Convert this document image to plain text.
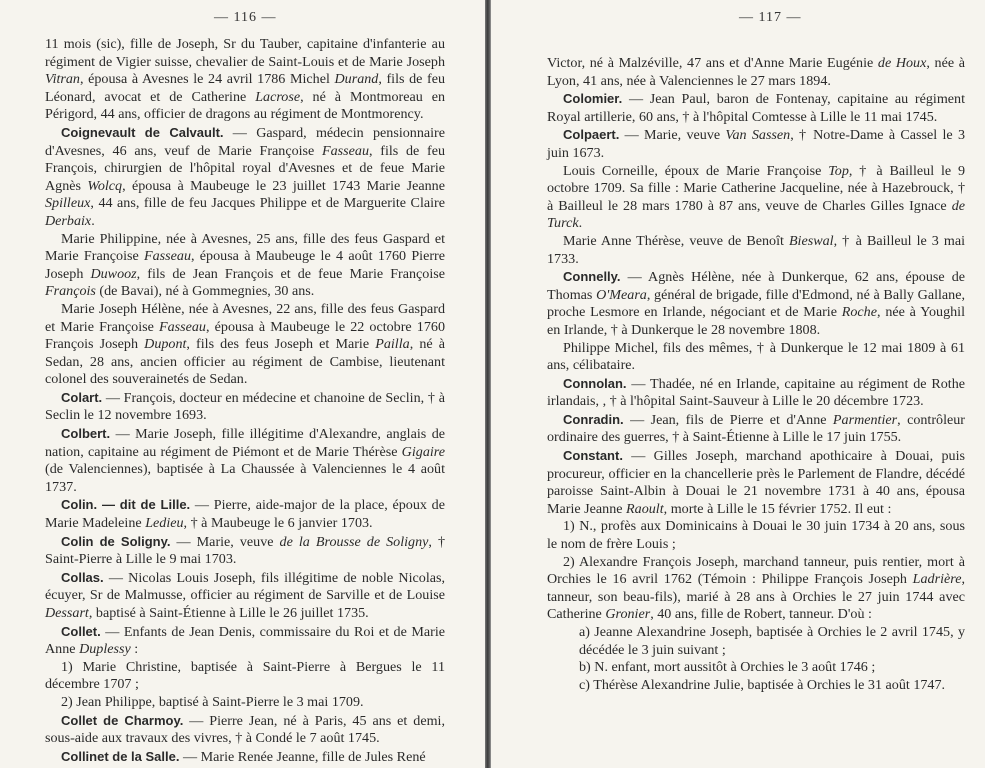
— 116 —

11 mois (sic), fille de Joseph, Sr du Tauber, capitaine d'infanterie au régiment de Vigier suisse, chevalier de Saint-Louis et de Marie Joseph Vitran, épousa à Avesnes le 24 avril 1786 Michel Durand, fils de feu Léonard, avocat et de Catherine Lacrose, né à Montmoreau en Périgord, 44 ans, officier de dragons au régiment de Montmorency.

Coignevault de Calvault. — Gaspard, médecin pensionnaire d'Avesnes, 46 ans, veuf de Marie Françoise Fasseau, fils de feu François, chirurgien de l'hôpital royal d'Avesnes et de feue Marie Agnès Wolcq, épousa à Maubeuge le 23 juillet 1743 Marie Jeanne Spilleux, 44 ans, fille de feu Jacques Philippe et de Marguerite Claire Derbaix.

Marie Philippine, née à Avesnes, 25 ans, fille des feus Gaspard et Marie Françoise Fasseau, épousa à Maubeuge le 4 août 1760 Pierre Joseph Duwooz, fils de Jean François et de feue Marie Françoise François (de Bavai), né à Gommegnies, 30 ans.

Marie Joseph Hélène, née à Avesnes, 22 ans, fille des feus Gaspard et Marie Françoise Fasseau, épousa à Maubeuge le 22 octobre 1760 François Joseph Dupont, fils des feus Joseph et Marie Pailla, né à Sedan, 28 ans, ancien officier au régiment de Cambise, lieutenant colonel des souverainetés de Sedan.

Colart. — François, docteur en médecine et chanoine de Seclin, † à Seclin le 12 novembre 1693.

Colbert. — Marie Joseph, fille illégitime d'Alexandre, anglais de nation, capitaine au régiment de Piémont et de Marie Thérèse Gigaire (de Valenciennes), baptisée à La Chaussée à Valenciennes le 4 août 1737.

Colin. — dit de Lille. — Pierre, aide-major de la place, époux de Marie Madeleine Ledieu, † à Maubeuge le 6 janvier 1703.

Colin de Soligny. — Marie, veuve de la Brousse de Soligny, † Saint-Pierre à Lille le 9 mai 1703.

Collas. — Nicolas Louis Joseph, fils illégitime de noble Nicolas, écuyer, Sr de Malmusse, officier au régiment de Sarville et de Louise Dessart, baptisé à Saint-Étienne à Lille le 26 juillet 1735.

Collet. — Enfants de Jean Denis, commissaire du Roi et de Marie Anne Duplessy :

1) Marie Christine, baptisée à Saint-Pierre à Bergues le 11 décembre 1707 ;

2) Jean Philippe, baptisé à Saint-Pierre le 3 mai 1709.

Collet de Charmoy. — Pierre Jean, né à Paris, 45 ans et demi, sous-aide aux travaux des vivres, † à Condé le 7 août 1745.

Collinet de la Salle. — Marie Renée Jeanne, fille de Jules René

— 117 —

Victor, né à Malzéville, 47 ans et d'Anne Marie Eugénie de Houx, née à Lyon, 41 ans, née à Valenciennes le 27 mars 1894.

Colomier. — Jean Paul, baron de Fontenay, capitaine au régiment Royal artillerie, 60 ans, † à l'hôpital Comtesse à Lille le 11 mai 1745.

Colpaert. — Marie, veuve Van Sassen, † Notre-Dame à Cassel le 3 juin 1673.

Louis Corneille, époux de Marie Françoise Top, † à Bailleul le 9 octobre 1709. Sa fille : Marie Catherine Jacqueline, née à Hazebrouck, † à Bailleul le 28 mars 1780 à 87 ans, veuve de Charles Gilles Ignace de Turck.

Marie Anne Thérèse, veuve de Benoît Bieswal, † à Bailleul le 3 mai 1733.

Connelly. — Agnès Hélène, née à Dunkerque, 62 ans, épouse de Thomas O'Meara, général de brigade, fille d'Edmond, né à Bally Gallane, proche Lesmore en Irlande, négociant et de Marie Roche, née à Youghil en Irlande, † à Dunkerque le 28 novembre 1808.

Philippe Michel, fils des mêmes, † à Dunkerque le 12 mai 1809 à 61 ans, célibataire.

Connolan. — Thadée, né en Irlande, capitaine au régiment de Rothe irlandais, , † à l'hôpital Saint-Sauveur à Lille le 20 décembre 1723.

Conradin. — Jean, fils de Pierre et d'Anne Parmentier, contrôleur ordinaire des guerres, † à Saint-Étienne à Lille le 17 juin 1755.

Constant. — Gilles Joseph, marchand apothicaire à Douai, puis procureur, officier en la chancellerie près le Parlement de Flandre, décédé paroisse Saint-Albin à Douai le 21 novembre 1731 à 40 ans, épousa Marie Jeanne Raoult, morte à Lille le 15 février 1752. Il eut :

1) N., profès aux Dominicains à Douai le 30 juin 1734 à 20 ans, sous le nom de frère Louis ;

2) Alexandre François Joseph, marchand tanneur, puis rentier, mort à Orchies le 16 avril 1762 (Témoin : Philippe François Joseph Ladrière, tanneur, son beau-fils), marié à 28 ans à Orchies le 27 juin 1744 avec Catherine Gronier, 40 ans, fille de Robert, tanneur. D'où :

a) Jeanne Alexandrine Joseph, baptisée à Orchies le 2 avril 1745, y décédée le 3 juin suivant ;

b) N. enfant, mort aussitôt à Orchies le 3 août 1746 ;

c) Thérèse Alexandrine Julie, baptisée à Orchies le 31 août 1747.
